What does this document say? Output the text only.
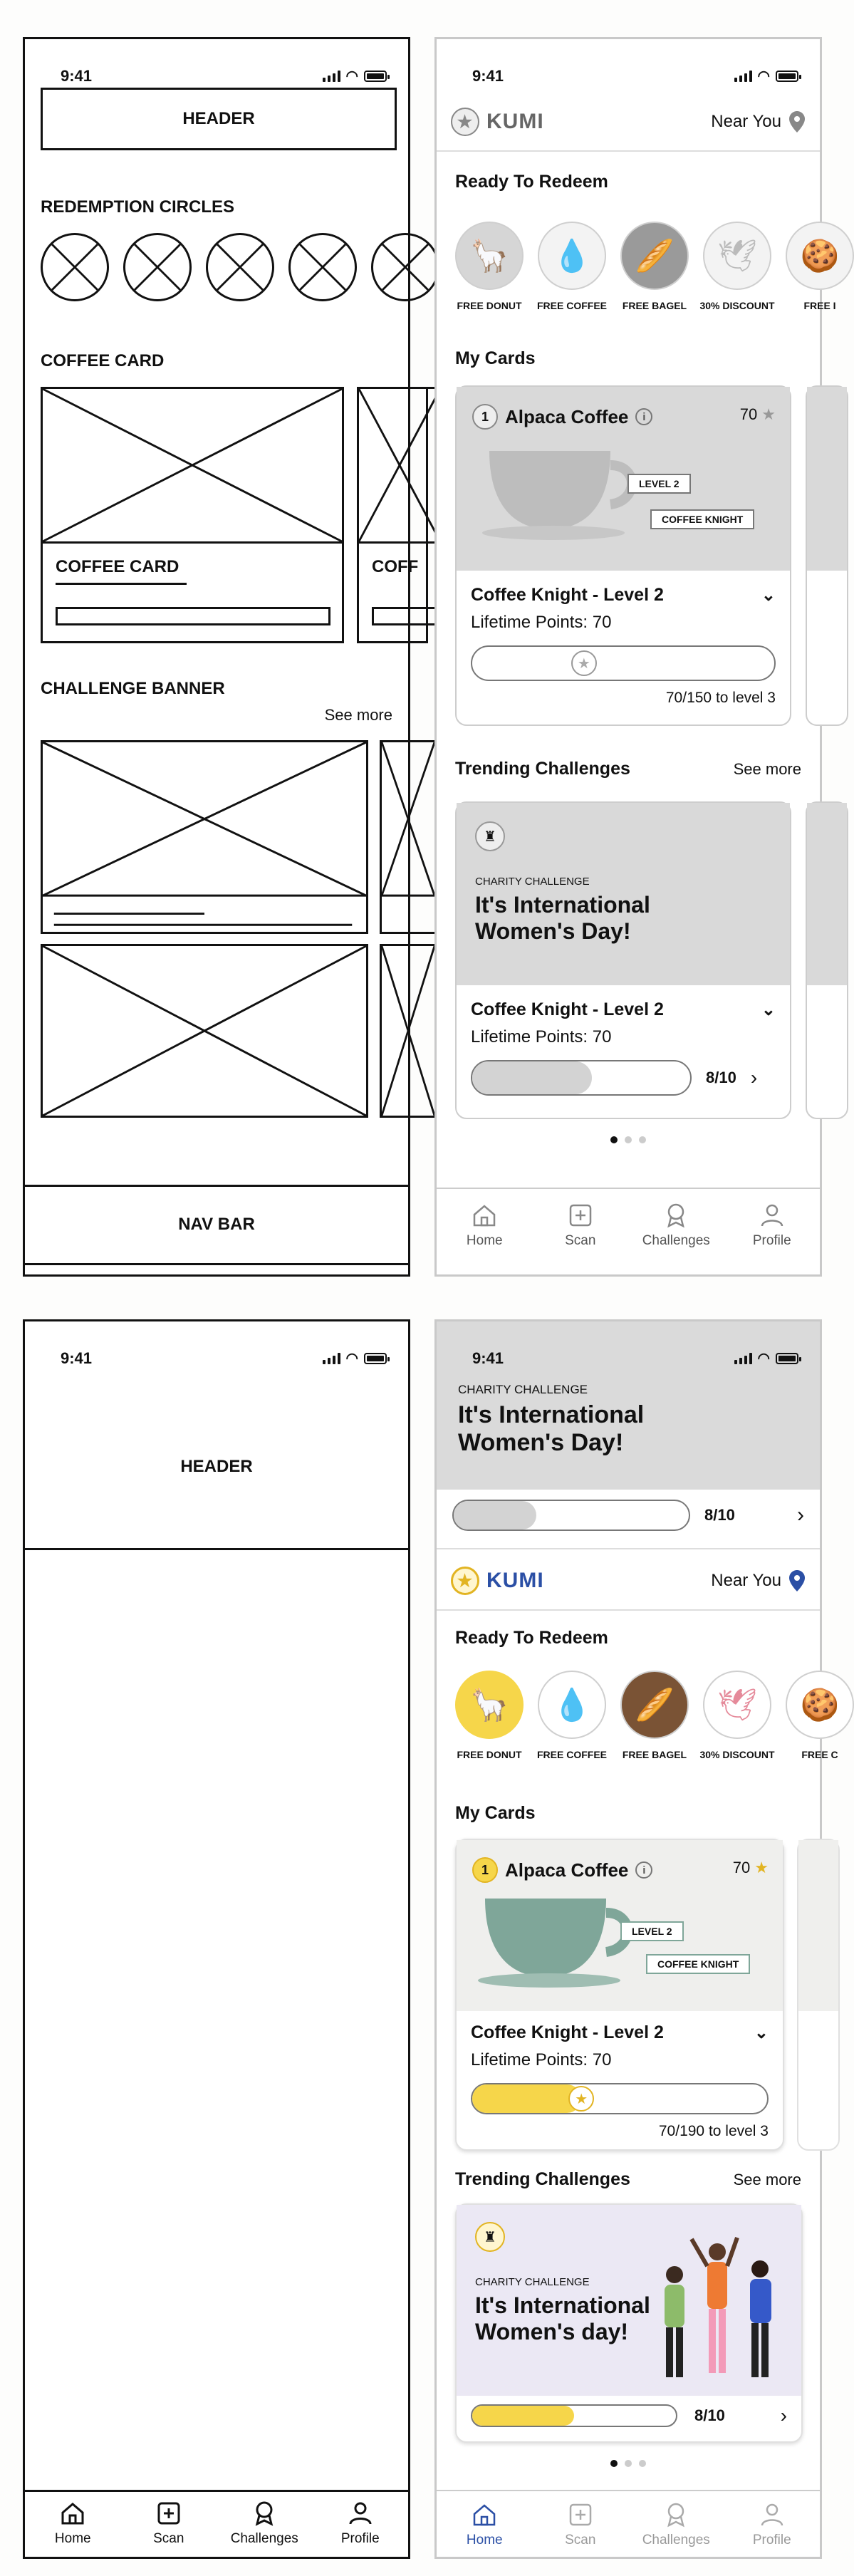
9:41	◠
HEADER
REDEMPTION CIRCLES
COFFEE CARD
COFFEE CARD	COFF
CHALLENGE BANNER
See more
NAV BAR
9:41	◠
★ KUMI	Near You
Ready To Redeem
🦙
FREE DONUT
💧
FREE COFFEE
🥖
FREE BAGEL
🕊
30% DISCOUNT
🍪
FREE I
My Cards
1 Alpaca Coffee	i	70 ★
LEVEL 2
COFFEE KNIGHT
Coffee Knight - Level 2	⌄
Lifetime Points: 70
★
70/150 to level 3
Trending Challenges	See more
♜
CHARITY CHALLENGE
It's International Women's Day!
Coffee Knight - Level 2	⌄
Lifetime Points: 70
8/10 ›
Home	Scan	Challenges	Profile
9:41	◠
HEADER
Home	Scan	Challenges	Profile
9:41	◠
CHARITY CHALLENGE
It's International Women's Day!
8/10	›
★ KUMI	Near You
Ready To Redeem
🦙
FREE DONUT
💧
FREE COFFEE
🥖
FREE BAGEL
🕊
30% DISCOUNT
🍪
FREE C
My Cards
1 Alpaca Coffee	i	70 ★
LEVEL 2
COFFEE KNIGHT
Coffee Knight - Level 2	⌄
Lifetime Points: 70
★
70/190 to level 3
Trending Challenges	See more
♜
CHARITY CHALLENGE
It's International Women's day!
8/10	›
Home	Scan	Challenges	Profile
